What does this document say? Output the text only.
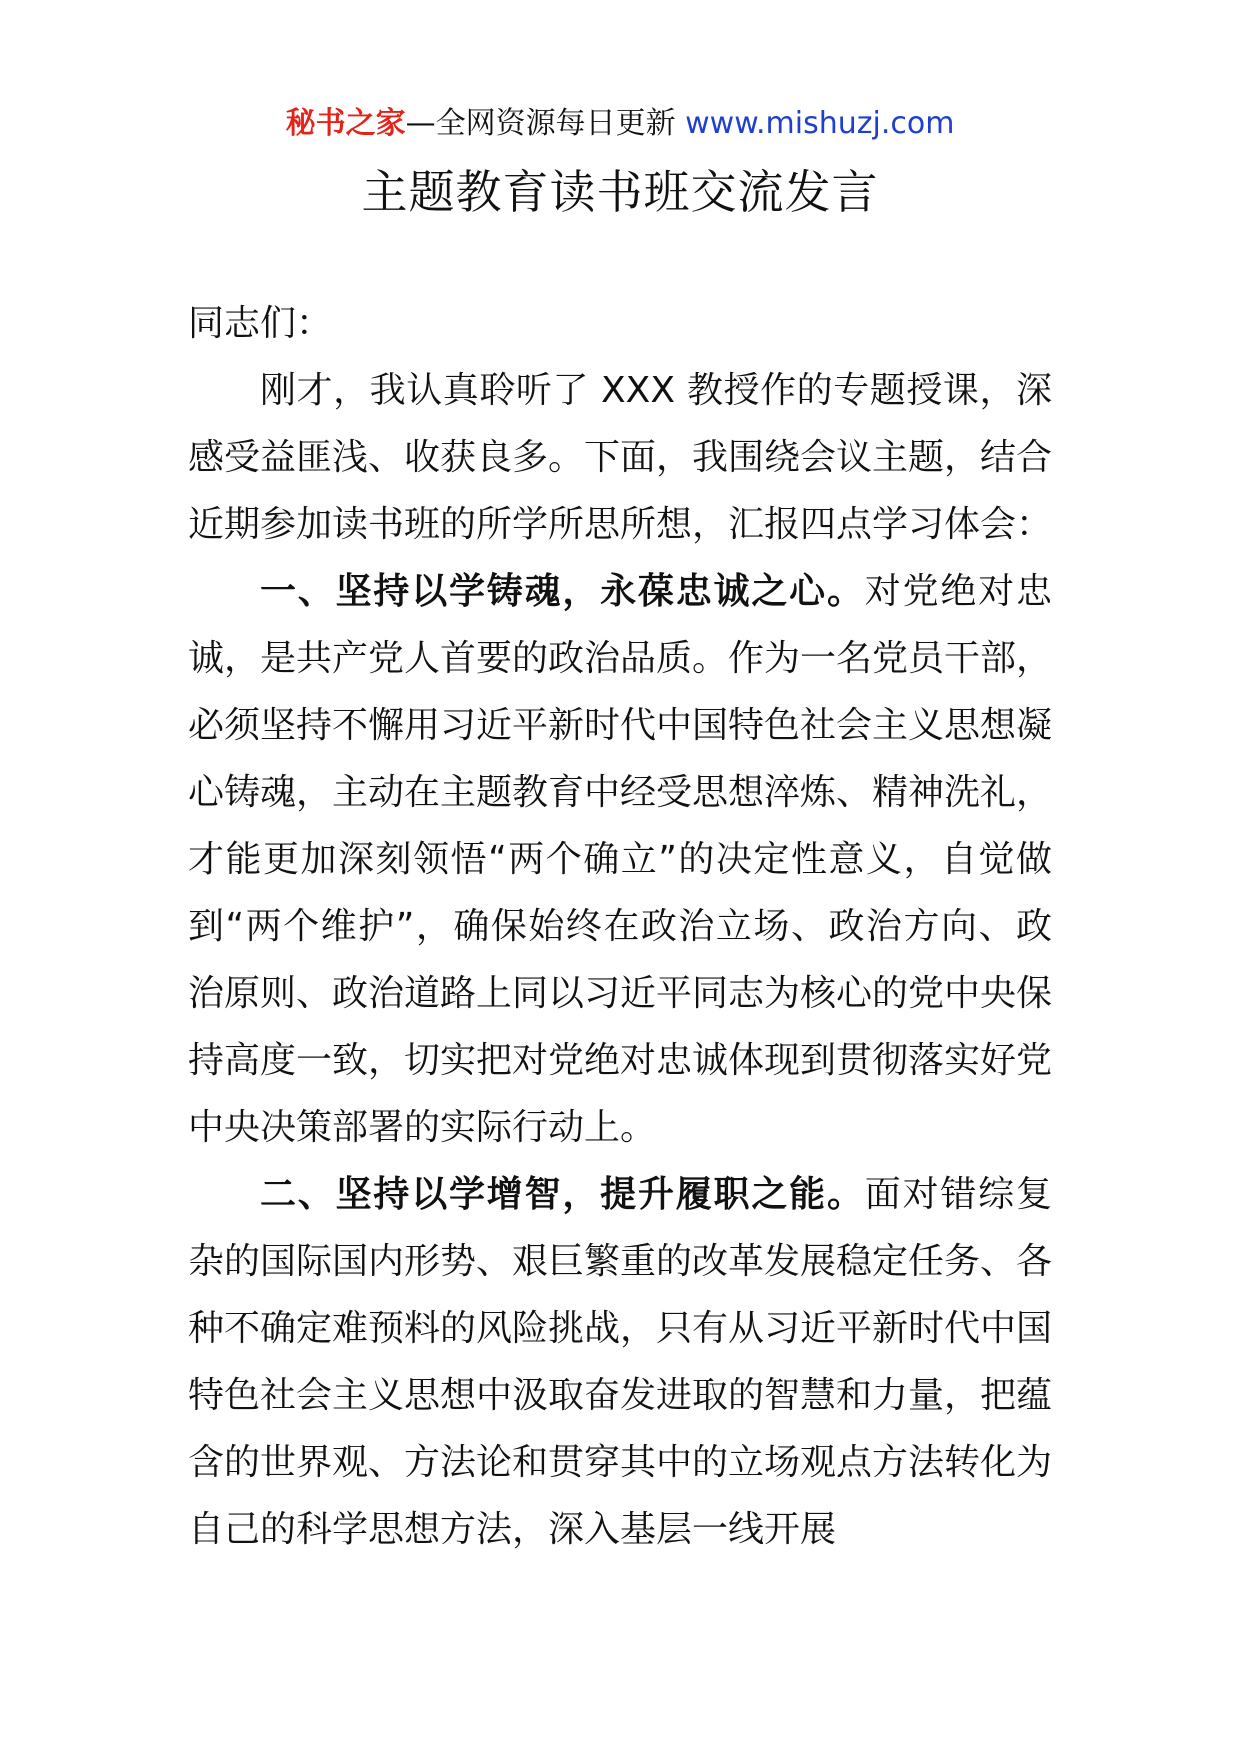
秘书之家—全网资源每日更新 www.mishuzj.com
主题教育读书班交流发言

同志们：

刚才，我认真聆听了 XXX 教授作的专题授课，深感受益匪浅、收获良多。下面，我围绕会议主题，结合近期参加读书班的所学所思所想，汇报四点学习体会：

一、坚持以学铸魂，永葆忠诚之心。对党绝对忠诚，是共产党人首要的政治品质。作为一名党员干部，必须坚持不懈用习近平新时代中国特色社会主义思想凝心铸魂，主动在主题教育中经受思想淬炼、精神洗礼，才能更加深刻领悟“两个确立”的决定性意义，自觉做到“两个维护”，确保始终在政治立场、政治方向、政治原则、政治道路上同以习近平同志为核心的党中央保持高度一致，切实把对党绝对忠诚体现到贯彻落实好党中央决策部署的实际行动上。

二、坚持以学增智，提升履职之能。面对错综复杂的国际国内形势、艰巨繁重的改革发展稳定任务、各种不确定难预料的风险挑战，只有从习近平新时代中国特色社会主义思想中汲取奋发进取的智慧和力量，把蕴含的世界观、方法论和贯穿其中的立场观点方法转化为自己的科学思想方法，深入基层一线开展
